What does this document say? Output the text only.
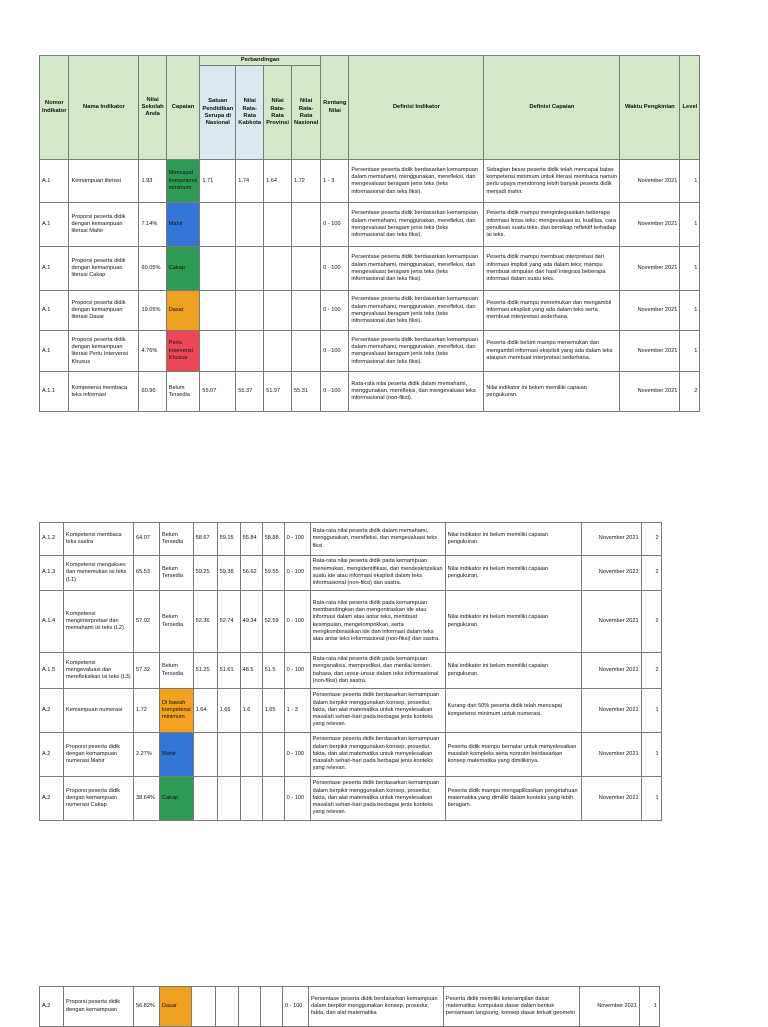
Nomor Indikator	Nama Indikator	Nilai Sekolah Anda	Capaian	Perbandingan				Rentang Nilai	Definisi Indikator	Definisi Capaian	Waktu Pengkinian	Level
				Satuan Pendidikan Serupa di Nasional	Nilai Rata-Rata Kabkota	Nilai Rata-Rata Provinsi	Nilai Rata-Rata Nasional					
A.1	Kemampuan literasi	1.93	Mencapai kompetensi minimum	1.71	1.74	1.64	1.72	1 - 3	Persentase peserta didik berdasarkan kemampuan dalam memahami, menggunakan, merefleksi, dan mengevaluasi beragam jenis teks (teks informasional dan teks fiksi).	Sebagian besar peserta didik telah mencapai batas kompetensi minimum untuk literasi membaca namun perlu upaya mendorong lebih banyak peserta didik menjadi mahir.	November 2021	1
A.1	Proporsi peserta didik dengan kemampuan literasi Mahir	7.14%	Mahir					0 - 100	Persentase peserta didik berdasarkan kemampuan dalam memahami, menggunakan, merefleksi, dan mengevaluasi beragam jenis teks (teks informasional dan teks fiksi).	Peserta didik mampu mengintegrasikan beberapa informasi lintas teks; mengevaluasi isi, kualitas, cara penulisan suatu teks, dan bersikap reflektif terhadap isi teks.	November 2021	1
A.1	Proporsi peserta didik dengan kemampuan literasi Cakap	69.05%	Cakap					0 - 100	Persentase peserta didik berdasarkan kemampuan dalam memahami, menggunakan, merefleksi, dan mengevaluasi beragam jenis teks (teks informasional dan teks fiksi).	Peserta didik mampu membuat interpretasi dari informasi implisit yang ada dalam teks; mampu membuat simpulan dari hasil integrasi beberapa informasi dalam suatu teks.	November 2021	1
A.1	Proporsi peserta didik dengan kemampuan literasi Dasar	19.05%	Dasar					0 - 100	Persentase peserta didik berdasarkan kemampuan dalam memahami, menggunakan, merefleksi, dan mengevaluasi beragam jenis teks (teks informasional dan teks fiksi).	Peserta didik mampu menemukan dan mengambil informasi eksplisit yang ada dalam teks serta membuat interpretasi sederhana.	November 2021	1
A.1	Proporsi peserta didik dengan kemampuan literasi Perlu Intervensi Khusus	4.76%	Perlu Intervensi Khusus					0 - 100	Persentase peserta didik berdasarkan kemampuan dalam memahami, menggunakan, merefleksi, dan mengevaluasi beragam jenis teks (teks informasional dan teks fiksi).	Peserta didik belum mampu menemukan dan mengambil informasi eksplisit yang ada dalam teks ataupun membuat interpretasi sederhana.	November 2021	1
A.1.1	Kompetensi membaca teks informasi	60.96	Belum Tersedia	55.07	55.37	51.97	55.31	0 - 100	Rata-rata nilai peserta didik dalam memahami, menggunakan, merefleksi, dan mengevaluasi teks informasional (non-fiksi).	Nilai indikator ini belum memiliki capaian pengukuran.	November 2021	2
A.1.2	Kompetensi membaca teks sastra	64.07	Belum Tersedia	58.67	59.15	55.84	58.88	0 - 100	Rata-rata nilai peserta didik dalam memahami, menggunakan, merefleksi, dan mengevaluasi teks fiksi.	Nilai indikator ini belum memiliki capaian pengukuran.	November 2021	2
A.1.3	Kompetensi mengakses dan menemukan isi teks (L1)	65.53	Belum Tersedia	59.25	59.38	56.62	59.55	0 - 100	Rata-rata nilai peserta didik pada kemampuan menemukan, mengidentifikasi, dan mendeskripsikan suatu ide atau informasi eksplisit dalam teks informasional (non-fiksi) dan sastra.	Nilai indikator ini belum memiliki capaian pengukuran.	November 2021	2
A.1.4	Kompetensi menginterpretasi dan memahami isi teks (L2)	57.92	Belum Tersedia	52.36	52.74	49.34	52.59	0 - 100	Rata-rata nilai peserta didik pada kemampuan membandingkan dan mengontraskan ide atau informasi dalam atau antar teks, membuat kesimpulan, mengelompokkan, serta mengkombinasikan ide dan informasi dalam teks atau antar teks informasional (non-fiksi) dan sastra.	Nilai indikator ini belum memiliki capaian pengukuran.	November 2021	2
A.1.5	Kompetensi mengevaluasi dan merefleksikan isi teks (L3)	57.32	Belum Tersedia	51.25	51.61	48.5	51.5	0 - 100	Rata-rata nilai peserta didik pada kemampuan menganalisis, memprediksi, dan menilai konten, bahasa, dan unsur-unsur dalam teks informasional (non-fiksi) dan sastra.	Nilai indikator ini belum memiliki capaian pengukuran.	November 2021	2
A.2	Kemampuan numerasi	1.72	Di bawah kompetensi minimum	1.64	1.65	1.6	1.65	1 - 3	Persentase peserta didik berdasarkan kemampuan dalam berpikir menggunakan konsep, prosedur, fakta, dan alat matematika untuk menyelesaikan masalah sehari-hari pada berbagai jenis konteks yang relevan.	Kurang dari 50% peserta didik telah mencapai kompetensi minimum untuk numerasi.	November 2021	1
A.2	Proporsi peserta didik dengan kemampuan numerasi Mahir	2.27%	Mahir					0 - 100	Persentase peserta didik berdasarkan kemampuan dalam berpikir menggunakan konsep, prosedur, fakta, dan alat matematika untuk menyelesaikan masalah sehari-hari pada berbagai jenis konteks yang relevan.	Peserta didik mampu bernalar untuk menyelesaikan masalah kompleks serta nonrutin berdasarkan konsep matematika yang dimilikinya.	November 2021	1
A.2	Proporsi peserta didik dengan kemampuan numerasi Cakap	38.64%	Cakap					0 - 100	Persentase peserta didik berdasarkan kemampuan dalam berpikir menggunakan konsep, prosedur, fakta, dan alat matematika untuk menyelesaikan masalah sehari-hari pada berbagai jenis konteks yang relevan.	Peserta didik mampu mengaplikasikan pengetahuan matematika yang dimiliki dalam konteks yang lebih beragam.	November 2021	1
A.2	Proporsi peserta didik dengan kemampuan	56.82%	Dasar					0 - 100	Persentase peserta didik berdasarkan kemampuan dalam berpikir menggunakan konsep, prosedur, fakta, dan alat matematika	Peserta didik memiliki keterampilan dasar matematika: komputasi dasar dalam bentuk persamaan langsung, konsep dasar terkait geometri	November 2021	1
